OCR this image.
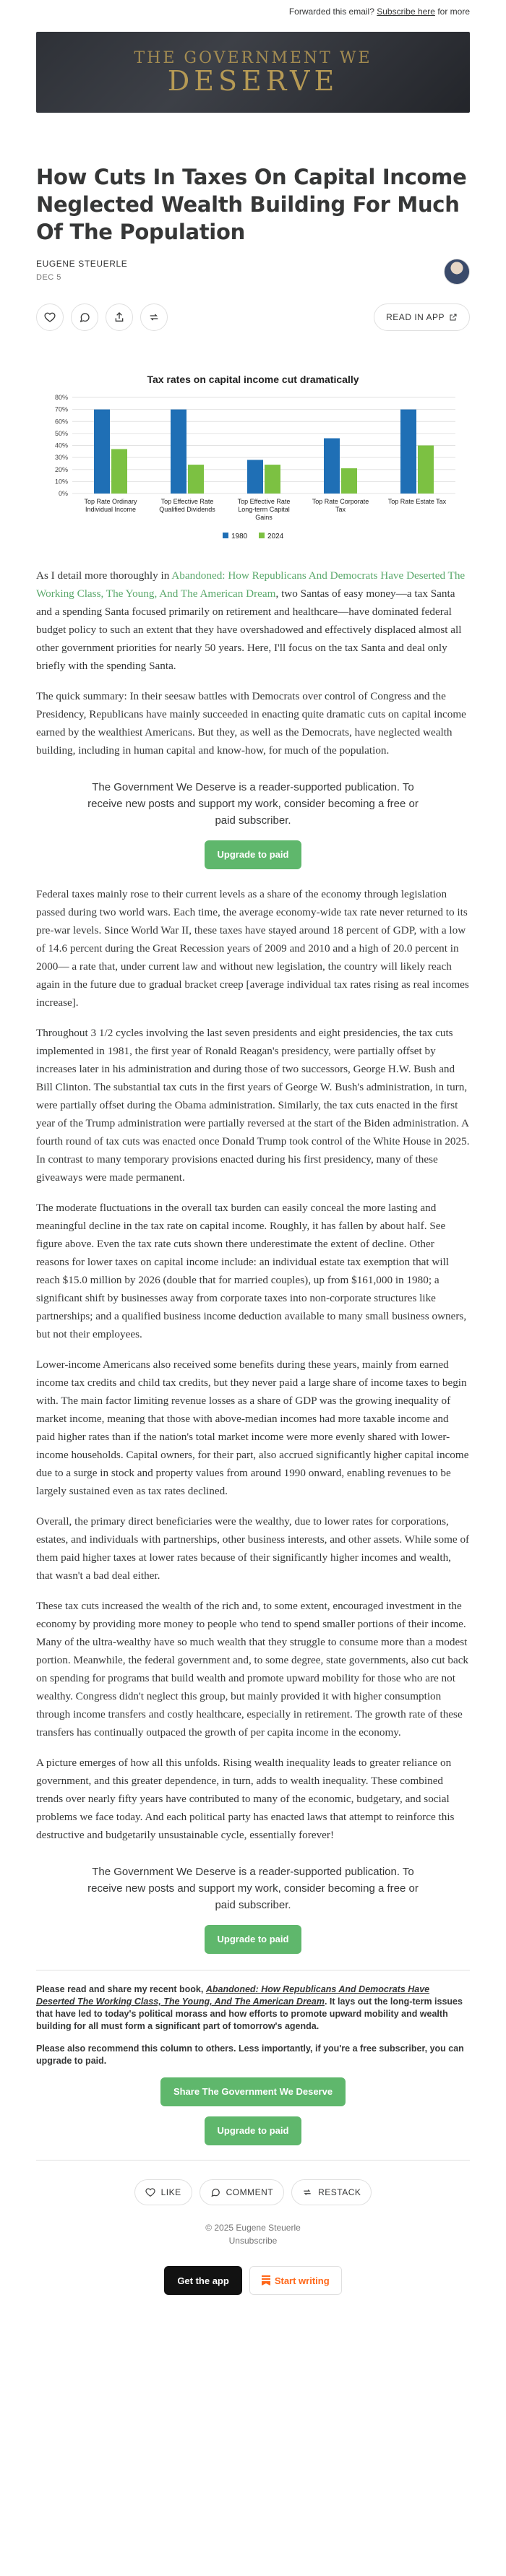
Forwarded this email? Subscribe here for more
THE GOVERNMENT WE
DESERVE
How Cuts In Taxes On Capital Income Neglected Wealth Building For Much Of The Population
EUGENE STEUERLE
DEC 5
READ IN APP
Tax rates on capital income cut dramatically
0%
10%
20%
30%
40%
50%
60%
70%
80%
Top Rate Ordinary
Individual Income
Top Effective Rate
Qualified Dividends
Top Effective Rate
Long-term Capital
Gains
Top Rate Corporate
Tax
Top Rate Estate Tax
1980	2024

As I detail more thoroughly in Abandoned: How Republicans And Democrats Have Deserted The Working Class, The Young, And The American Dream, two Santas of easy money—a tax Santa and a spending Santa focused primarily on retirement and healthcare—have dominated federal budget policy to such an extent that they have overshadowed and effectively displaced almost all other government priorities for nearly 50 years. Here, I'll focus on the tax Santa and deal only briefly with the spending Santa.

The quick summary: In their seesaw battles with Democrats over control of Congress and the Presidency, Republicans have mainly succeeded in enacting quite dramatic cuts on capital income earned by the wealthiest Americans. But they, as well as the Democrats, have neglected wealth building, including in human capital and know-how, for much of the population.

The Government We Deserve is a reader-supported publication. To receive new posts and support my work, consider becoming a free or paid subscriber.
Upgrade to paid

Federal taxes mainly rose to their current levels as a share of the economy through legislation passed during two world wars. Each time, the average economy-wide tax rate never returned to its pre-war levels. Since World War II, these taxes have stayed around 18 percent of GDP, with a low of 14.6 percent during the Great Recession years of 2009 and 2010 and a high of 20.0 percent in 2000— a rate that, under current law and without new legislation, the country will likely reach again in the future due to gradual bracket creep [average individual tax rates rising as real incomes increase].

Throughout 3 1/2 cycles involving the last seven presidents and eight presidencies, the tax cuts implemented in 1981, the first year of Ronald Reagan's presidency, were partially offset by increases later in his administration and during those of two successors, George H.W. Bush and Bill Clinton. The substantial tax cuts in the first years of George W. Bush's administration, in turn, were partially offset during the Obama administration. Similarly, the tax cuts enacted in the first year of the Trump administration were partially reversed at the start of the Biden administration. A fourth round of tax cuts was enacted once Donald Trump took control of the White House in 2025. In contrast to many temporary provisions enacted during his first presidency, many of these giveaways were made permanent.

The moderate fluctuations in the overall tax burden can easily conceal the more lasting and meaningful decline in the tax rate on capital income. Roughly, it has fallen by about half. See figure above. Even the tax rate cuts shown there underestimate the extent of decline. Other reasons for lower taxes on capital income include: an individual estate tax exemption that will reach $15.0 million by 2026 (double that for married couples), up from $161,000 in 1980; a significant shift by businesses away from corporate taxes into non-corporate structures like partnerships; and a qualified business income deduction available to many small business owners, but not their employees.

Lower-income Americans also received some benefits during these years, mainly from earned income tax credits and child tax credits, but they never paid a large share of income taxes to begin with. The main factor limiting revenue losses as a share of GDP was the growing inequality of market income, meaning that those with above-median incomes had more taxable income and paid higher rates than if the nation's total market income were more evenly shared with lower-income households. Capital owners, for their part, also accrued significantly higher capital income due to a surge in stock and property values from around 1990 onward, enabling revenues to be largely sustained even as tax rates declined.

Overall, the primary direct beneficiaries were the wealthy, due to lower rates for corporations, estates, and individuals with partnerships, other business interests, and other assets. While some of them paid higher taxes at lower rates because of their significantly higher incomes and wealth, that wasn't a bad deal either.

These tax cuts increased the wealth of the rich and, to some extent, encouraged investment in the economy by providing more money to people who tend to spend smaller portions of their income. Many of the ultra-wealthy have so much wealth that they struggle to consume more than a modest portion. Meanwhile, the federal government and, to some degree, state governments, also cut back on spending for programs that build wealth and promote upward mobility for those who are not wealthy. Congress didn't neglect this group, but mainly provided it with higher consumption through income transfers and costly healthcare, especially in retirement. The growth rate of these transfers has continually outpaced the growth of per capita income in the economy.

A picture emerges of how all this unfolds. Rising wealth inequality leads to greater reliance on government, and this greater dependence, in turn, adds to wealth inequality. These combined trends over nearly fifty years have contributed to many of the economic, budgetary, and social problems we face today. And each political party has enacted laws that attempt to reinforce this destructive and budgetarily unsustainable cycle, essentially forever!

The Government We Deserve is a reader-supported publication. To receive new posts and support my work, consider becoming a free or paid subscriber.
Upgrade to paid
Please read and share my recent book, Abandoned: How Republicans And Democrats Have Deserted The Working Class, The Young, And The American Dream. It lays out the long-term issues that have led to today's political morass and how efforts to promote upward mobility and wealth building for all must form a significant part of tomorrow's agenda.
Please also recommend this column to others. Less importantly, if you're a free subscriber, you can upgrade to paid.
Share The Government We Deserve
Upgrade to paid
LIKE	COMMENT	RESTACK
© 2025 Eugene Steuerle
Unsubscribe
Get the app	Start writing
